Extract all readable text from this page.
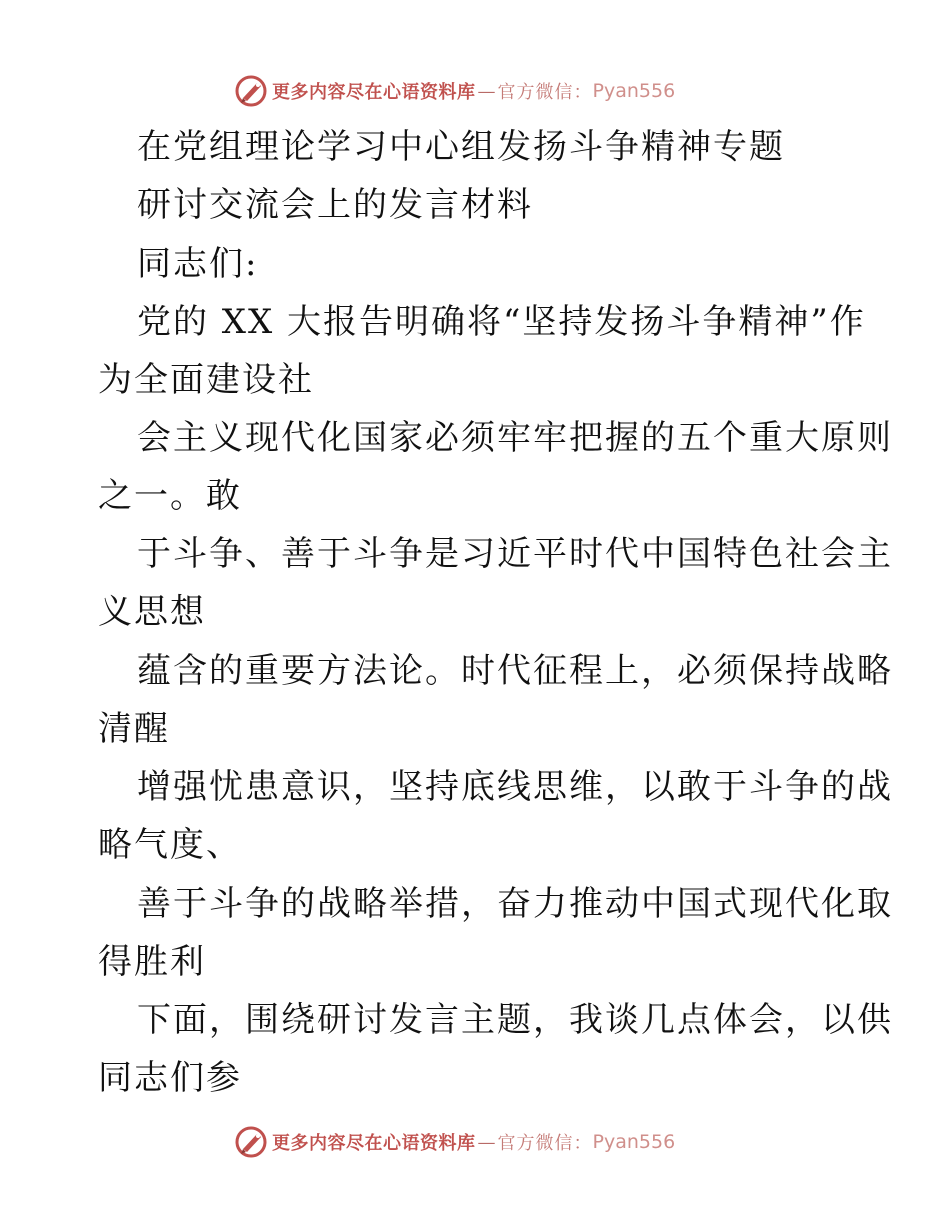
更多内容尽在心语资料库 — 官方微信： Pyan556
在党组理论学习中心组发扬斗争精神专题
研讨交流会上的发言材料
同志们:
党的 XX 大报告明确将“坚持发扬斗争精神”作
为全面建设社
会主义现代化国家必须牢牢把握的五个重大原则
之一。敢
于斗争、善于斗争是习近平时代中国特色社会主
义思想
蕴含的重要方法论。时代征程上，必须保持战略
清醒
增强忧患意识，坚持底线思维，以敢于斗争的战
略气度、
善于斗争的战略举措，奋力推动中国式现代化取
得胜利
下面，围绕研讨发言主题，我谈几点体会，以供
同志们参
更多内容尽在心语资料库 — 官方微信： Pyan556
